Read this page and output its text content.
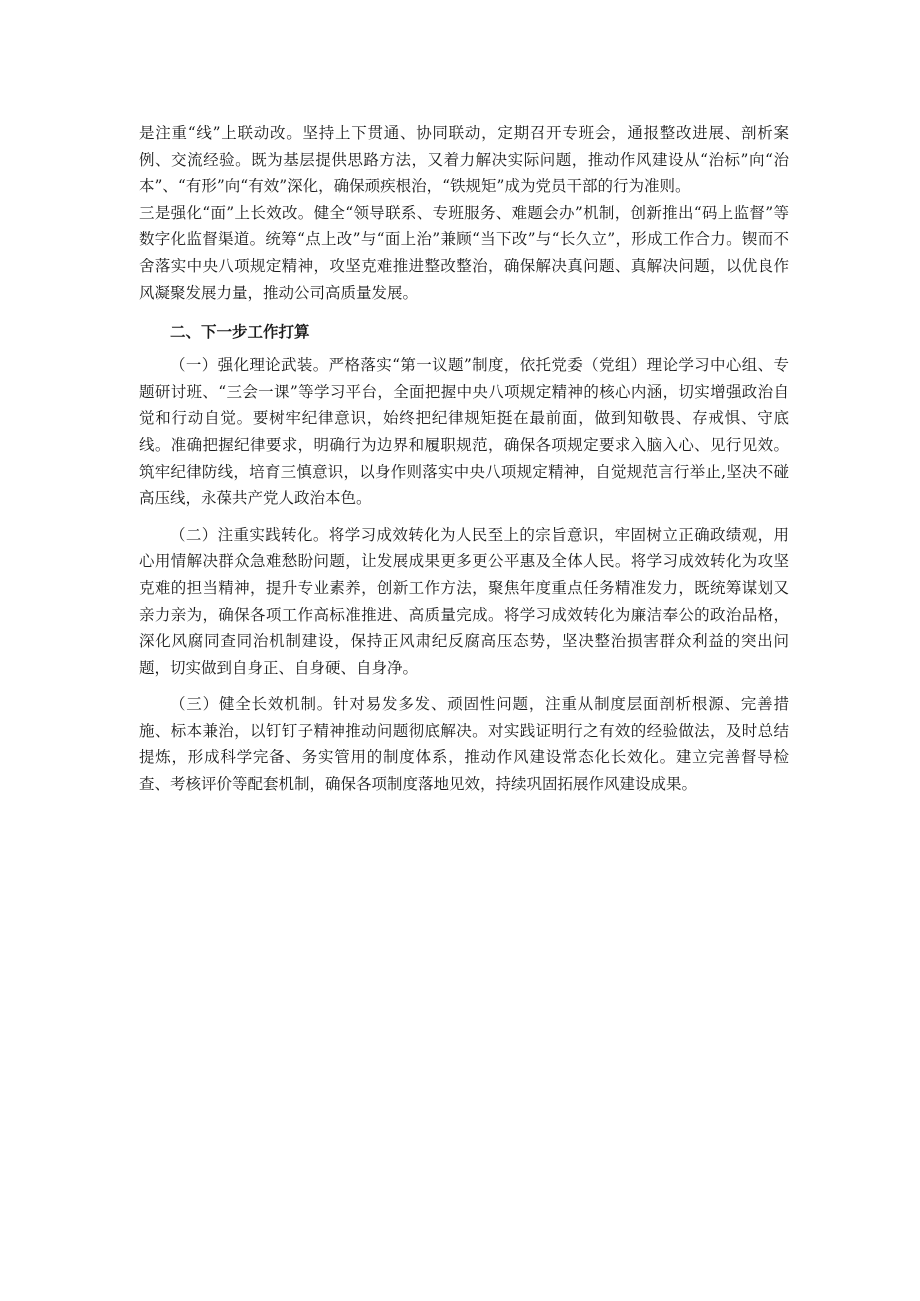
是注重“线”上联动改。坚持上下贯通、协同联动，定期召开专班会，通报整改进展、剖析案例、交流经验。既为基层提供思路方法，又着力解决实际问题，推动作风建设从“治标”向“治本”、“有形”向“有效”深化，确保顽疾根治，“铁规矩”成为党员干部的行为准则。

三是强化“面”上长效改。健全“领导联系、专班服务、难题会办”机制，创新推出“码上监督”等数字化监督渠道。统筹“点上改”与“面上治”兼顾“当下改”与“长久立”，形成工作合力。锲而不舍落实中央八项规定精神，攻坚克难推进整改整治，确保解决真问题、真解决问题，以优良作风凝聚发展力量，推动公司高质量发展。

二、下一步工作打算

（一）强化理论武装。严格落实“第一议题”制度，依托党委（党组）理论学习中心组、专题研讨班、“三会一课”等学习平台，全面把握中央八项规定精神的核心内涵，切实增强政治自觉和行动自觉。要树牢纪律意识，始终把纪律规矩挺在最前面，做到知敬畏、存戒惧、守底线。准确把握纪律要求，明确行为边界和履职规范，确保各项规定要求入脑入心、见行见效。筑牢纪律防线，培育三慎意识，以身作则落实中央八项规定精神，自觉规范言行举止,坚决不碰高压线，永葆共产党人政治本色。

（二）注重实践转化。将学习成效转化为人民至上的宗旨意识，牢固树立正确政绩观，用心用情解决群众急难愁盼问题，让发展成果更多更公平惠及全体人民。将学习成效转化为攻坚克难的担当精神，提升专业素养，创新工作方法，聚焦年度重点任务精准发力，既统筹谋划又亲力亲为，确保各项工作高标准推进、高质量完成。将学习成效转化为廉洁奉公的政治品格，深化风腐同查同治机制建设，保持正风肃纪反腐高压态势，坚决整治损害群众利益的突出问题，切实做到自身正、自身硬、自身净。

（三）健全长效机制。针对易发多发、顽固性问题，注重从制度层面剖析根源、完善措施、标本兼治，以钉钉子精神推动问题彻底解决。对实践证明行之有效的经验做法，及时总结提炼，形成科学完备、务实管用的制度体系，推动作风建设常态化长效化。建立完善督导检查、考核评价等配套机制，确保各项制度落地见效，持续巩固拓展作风建设成果。
